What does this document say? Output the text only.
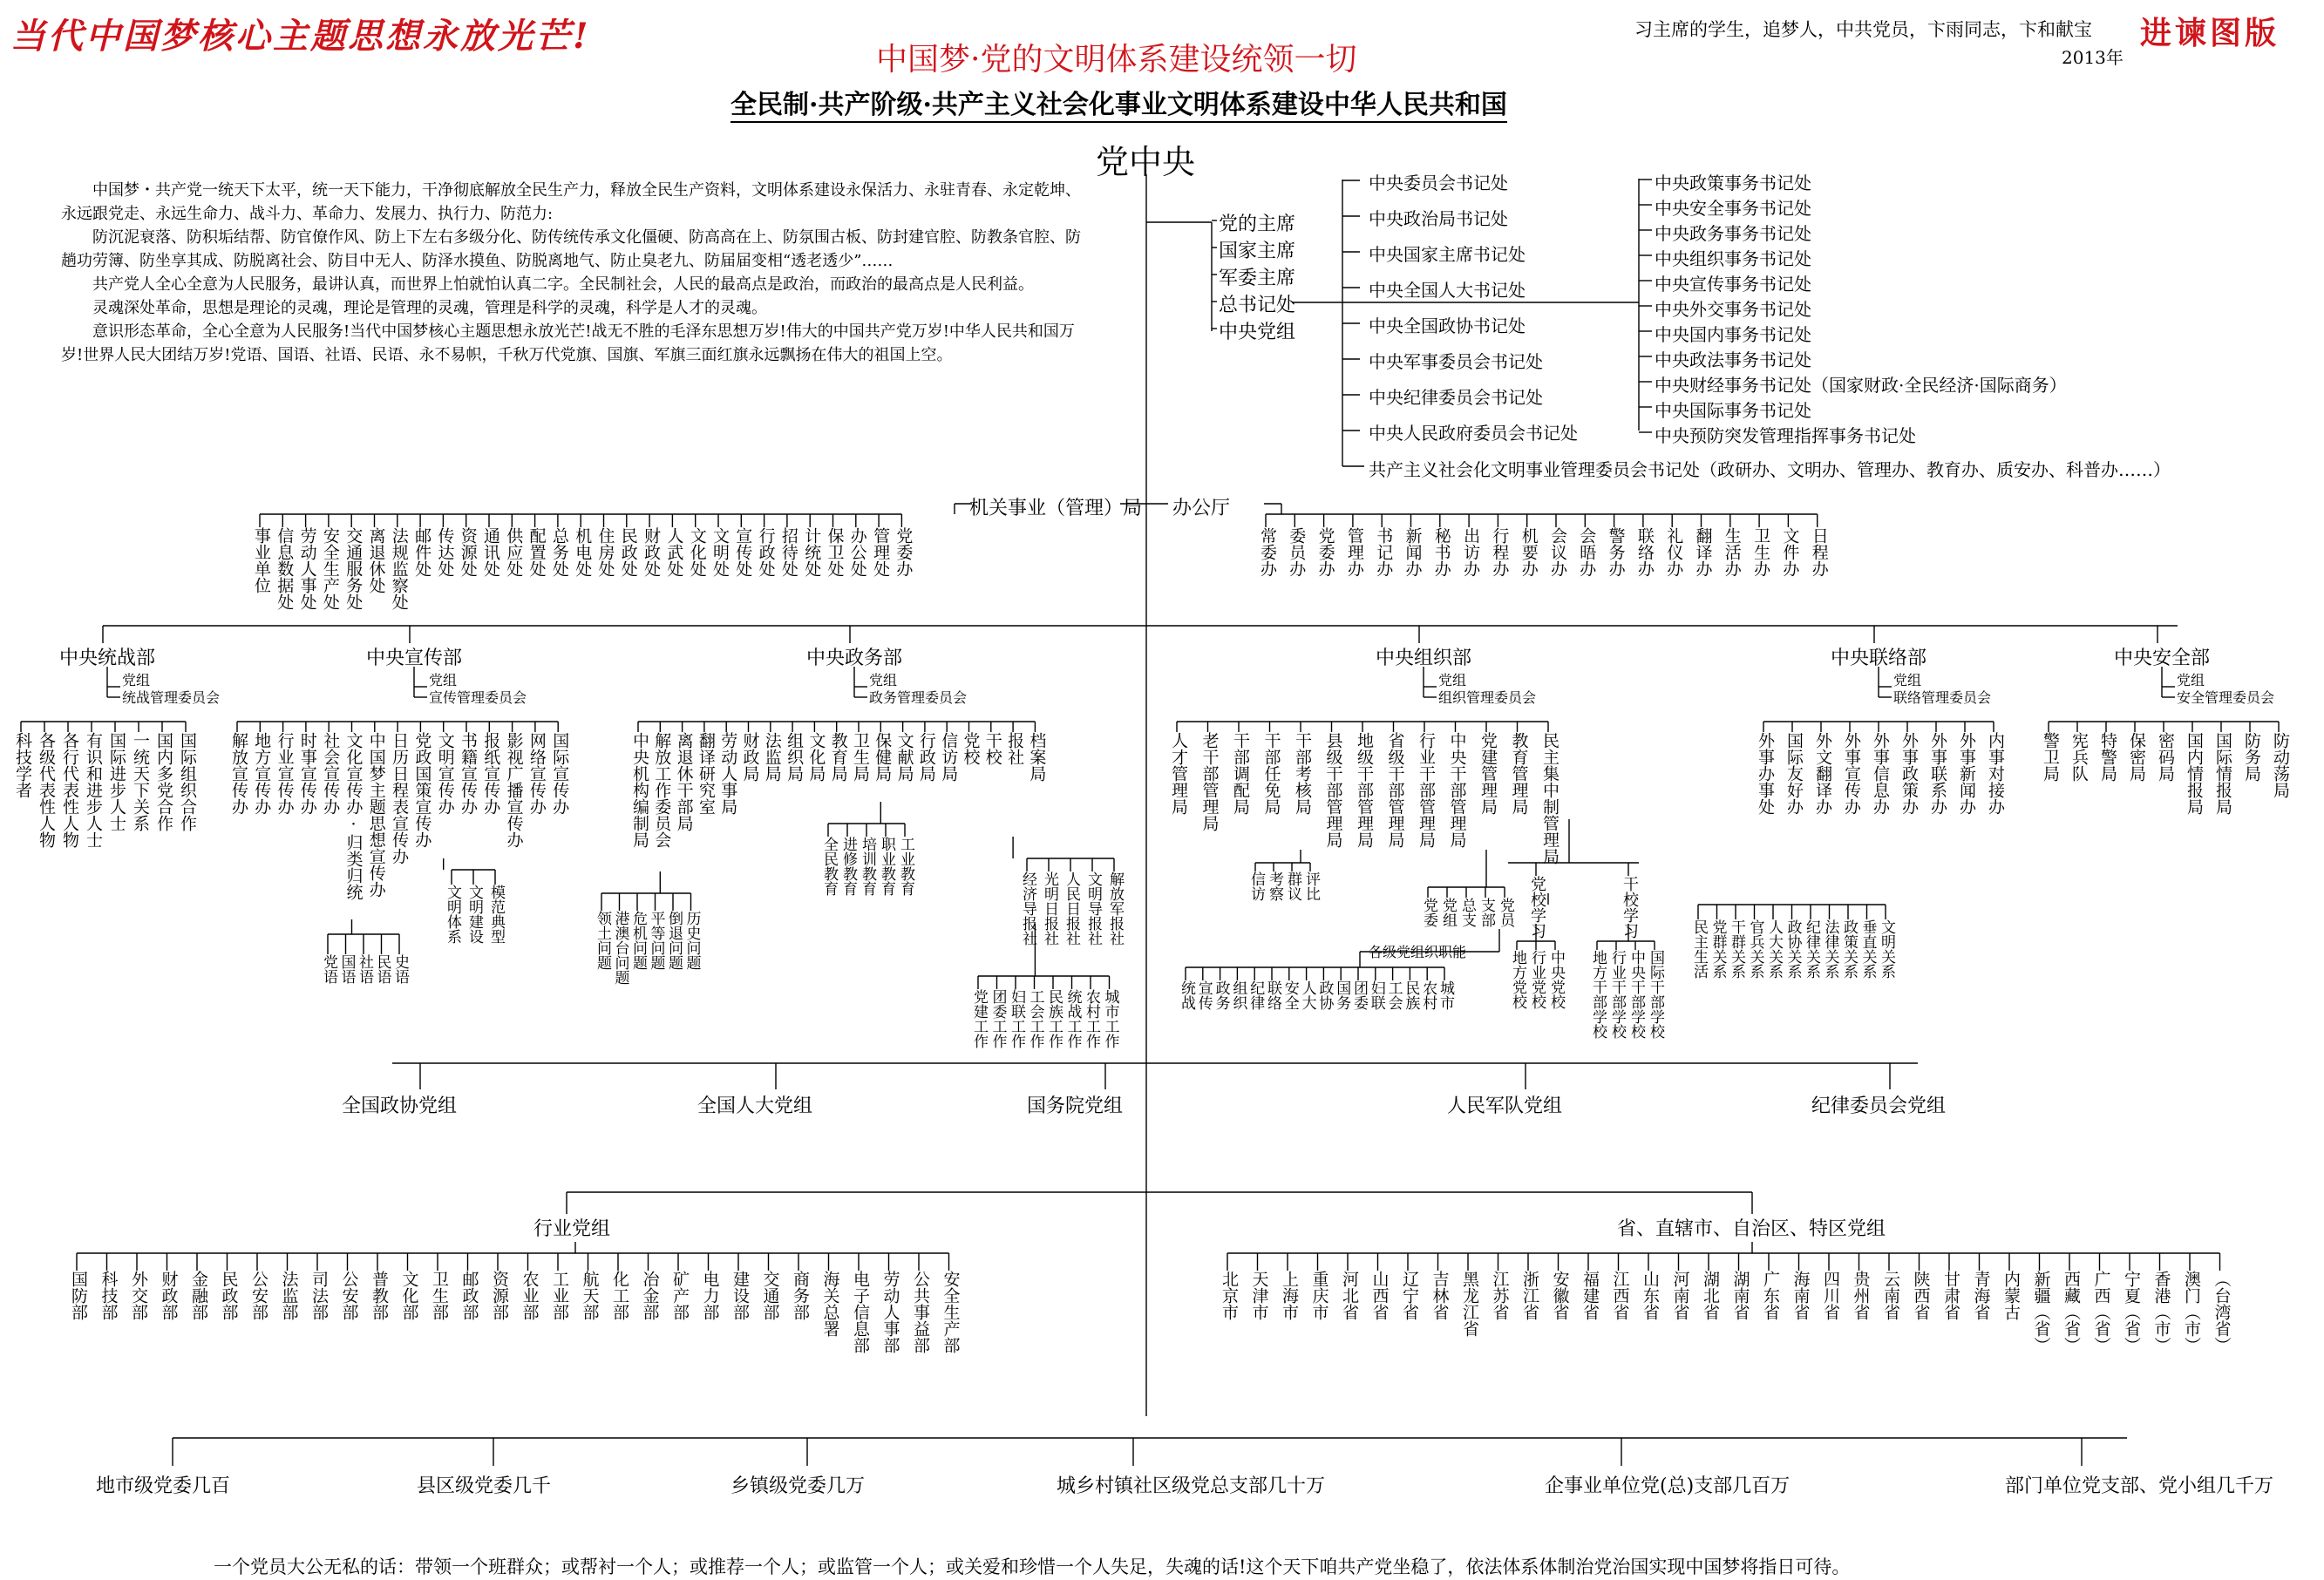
当代中国梦核心主题思想永放光芒!
中国梦·党的文明体系建设统领一切
全民制·共产阶级·共产主义社会化事业文明体系建设中华人民共和国
习主席的学生，追梦人，中共党员，卞雨同志，卞和献宝
2013年
进谏图版
党中央

中国梦・共产党一统天下太平，统一天下能力，干净彻底解放全民生产力，释放全民生产资料，文明体系建设永保活力、永驻青春、永定乾坤、永远跟党走、永远生命力、战斗力、革命力、发展力、执行力、防范力:

防沉泥衰落、防积垢结帮、防官僚作风、防上下左右多级分化、防传统传承文化僵硬、防高高在上、防氛围古板、防封建官腔、防教条官腔、防趟功劳簿、防坐享其成、防脱离社会、防目中无人、防泽水摸鱼、防脱离地气、防止臭老九、防届届变相“透老透少”……

共产党人全心全意为人民服务，最讲认真，而世界上怕就怕认真二字。全民制社会，人民的最高点是政治，而政治的最高点是人民利益。

灵魂深处革命，思想是理论的灵魂，理论是管理的灵魂，管理是科学的灵魂，科学是人才的灵魂。

意识形态革命，全心全意为人民服务!当代中国梦核心主题思想永放光芒!战无不胜的毛泽东思想万岁!伟大的中国共产党万岁!中华人民共和国万岁!世界人民大团结万岁!党语、国语、社语、民语、永不易帜，千秋万代党旗、国旗、军旗三面红旗永远飘扬在伟大的祖国上空。

共产主义社会化文明事业管理委员会书记处（政研办、文明办、管理办、教育办、质安办、科普办……）
机关事业（管理）局 办公厅
行业党组	省、直辖市、自治区、特区党组
一个党员大公无私的话：带领一个班群众；或帮衬一个人；或推荐一个人；或监管一个人；或关爱和珍惜一个人失足，失魂的话!这个天下咱共产党坐稳了，依法体系体制治党治国实现中国梦将指日可待。
党的主席
国家主席
军委主席
总书记处
中央党组
中央委员会书记处
中央政治局书记处
中央国家主席书记处
中央全国人大书记处
中央全国政协书记处
中央军事委员会书记处
中央纪律委员会书记处
中央人民政府委员会书记处
中央政策事务书记处
中央安全事务书记处
中央政务事务书记处
中央组织事务书记处
中央宣传事务书记处
中央外交事务书记处
中央国内事务书记处
中央政法事务书记处
中央财经事务书记处（国家财政·全民经济·国际商务）
中央国际事务书记处
中央预防突发管理指挥事务书记处
事业单位 信息数据处 劳动人事处 安全生产处 交通服务处 离退休处 法规监察处 邮件处 传达处 资源处 通讯处 供应处 配置处 总务处 机电处 住房处 民政处 财政处 人武处 文化处 文明处 宣传处 行政处 招待处 计统处 保卫处 办公处 管理处 党委办	常委办 委员办 党委办 管理办 书记办 新闻办 秘书办 出访办 行程办 机要办 会议办 会晤办 警务办 联络办 礼仪办 翻译办 生活办 卫生办 文件办 日程办
中央统战部
党组
统战管理委员会
中央宣传部
党组
宣传管理委员会
中央政务部
党组
政务管理委员会
中央组织部
党组
组织管理委员会
中央联络部
党组
联络管理委员会
中央安全部
党组
安全管理委员会
科技学者 各级代表性人物 各行代表性人物 有识和进步人士 国际进步人士 一统天下关系 国内多党合作 国际组织合作 解放宣传办 地方宣传办 行业宣传办 时事宣传办 社会宣传办 文化宣传办·归类归统 中国梦主题思想宣传办 日历日程表宣传办 党政国策宣传办 文明宣传办 书籍宣传办 报纸宣传办 影视广播宣传办 网络宣传办 国际宣传办
党语 国语 社语 民语 史语
文明体系 文明建设 模范典型
中央机构编制局 解放工作委员会 离退休干部局 翻译研究室 劳动人事局 财政局 法监局 组织局 文化局 教育局 卫生局 保健局 文献局 行政局 信访局 党校 干校 报社 档案局
领土问题 港澳台问题 危机问题 平等问题 倒退问题 历史问题
全民教育 进修教育 培训教育 职业教育 工业教育
经济导报社 光明日报社 人民日报社 文明导报社 解放军报社
党建工作 团委工作 妇联工作 工会工作 民族工作 统战工作 农村工作 城市工作
人才管理局 老干部管理局 干部调配局 干部任免局 干部考核局 县级干部管理局 地级干部管理局 省级干部管理局 行业干部管理局 中央干部管理局 党建管理局 教育管理局 民主集中制管理局
信访 考察 群议 评比
党委 党组 总支 支部 党员
统战 宣传 政务 组织 纪律 联络 安全 人大 政协 国务 团委 妇联 工会 民族 农村 城市
各级党组织职能
党校学习	干校学习
地方党校 行业党校 中央党校 地方干部学校 行业干部学校 中央干部学校 国际干部学校
民主生活 党群关系 干群关系 官兵关系 人大关系 政协关系 纪律关系 法律关系 政策关系 垂直关系 文明关系
外事办事处 国际友好办 外文翻译办 外事宣传办 外事信息办 外事政策办 外事联系办 外事新闻办 内事对接办 警卫局 宪兵队 特警局 保密局 密码局 国内情报局 国际情报局 防务局 防动荡局
全国政协党组	全国人大党组	国务院党组	人民军队党组	纪律委员会党组
国防部 科技部 外交部 财政部 金融部 民政部 公安部 法监部 司法部 公安部 普教部 文化部 卫生部 邮政部 资源部 农业部 工业部 航天部 化工部 冶金部 矿产部 电力部 建设部 交通部 商务部 海关总署 电子信息部 劳动人事部 公共事益部 安全生产部	北京市 天津市 上海市 重庆市 河北省 山西省 辽宁省 吉林省 黑龙江省 江苏省 浙江省 安徽省 福建省 江西省 山东省 河南省 湖北省 湖南省 广东省 海南省 四川省 贵州省 云南省 陕西省 甘肃省 青海省 内蒙古 新疆（省） 西藏（省） 广西（省） 宁夏（省） 香港（市） 澳门（市） （台湾省）
地市级党委几百	县区级党委几千	乡镇级党委几万	城乡村镇社区级党总支部几十万	企事业单位党(总)支部几百万	部门单位党支部、党小组几千万
